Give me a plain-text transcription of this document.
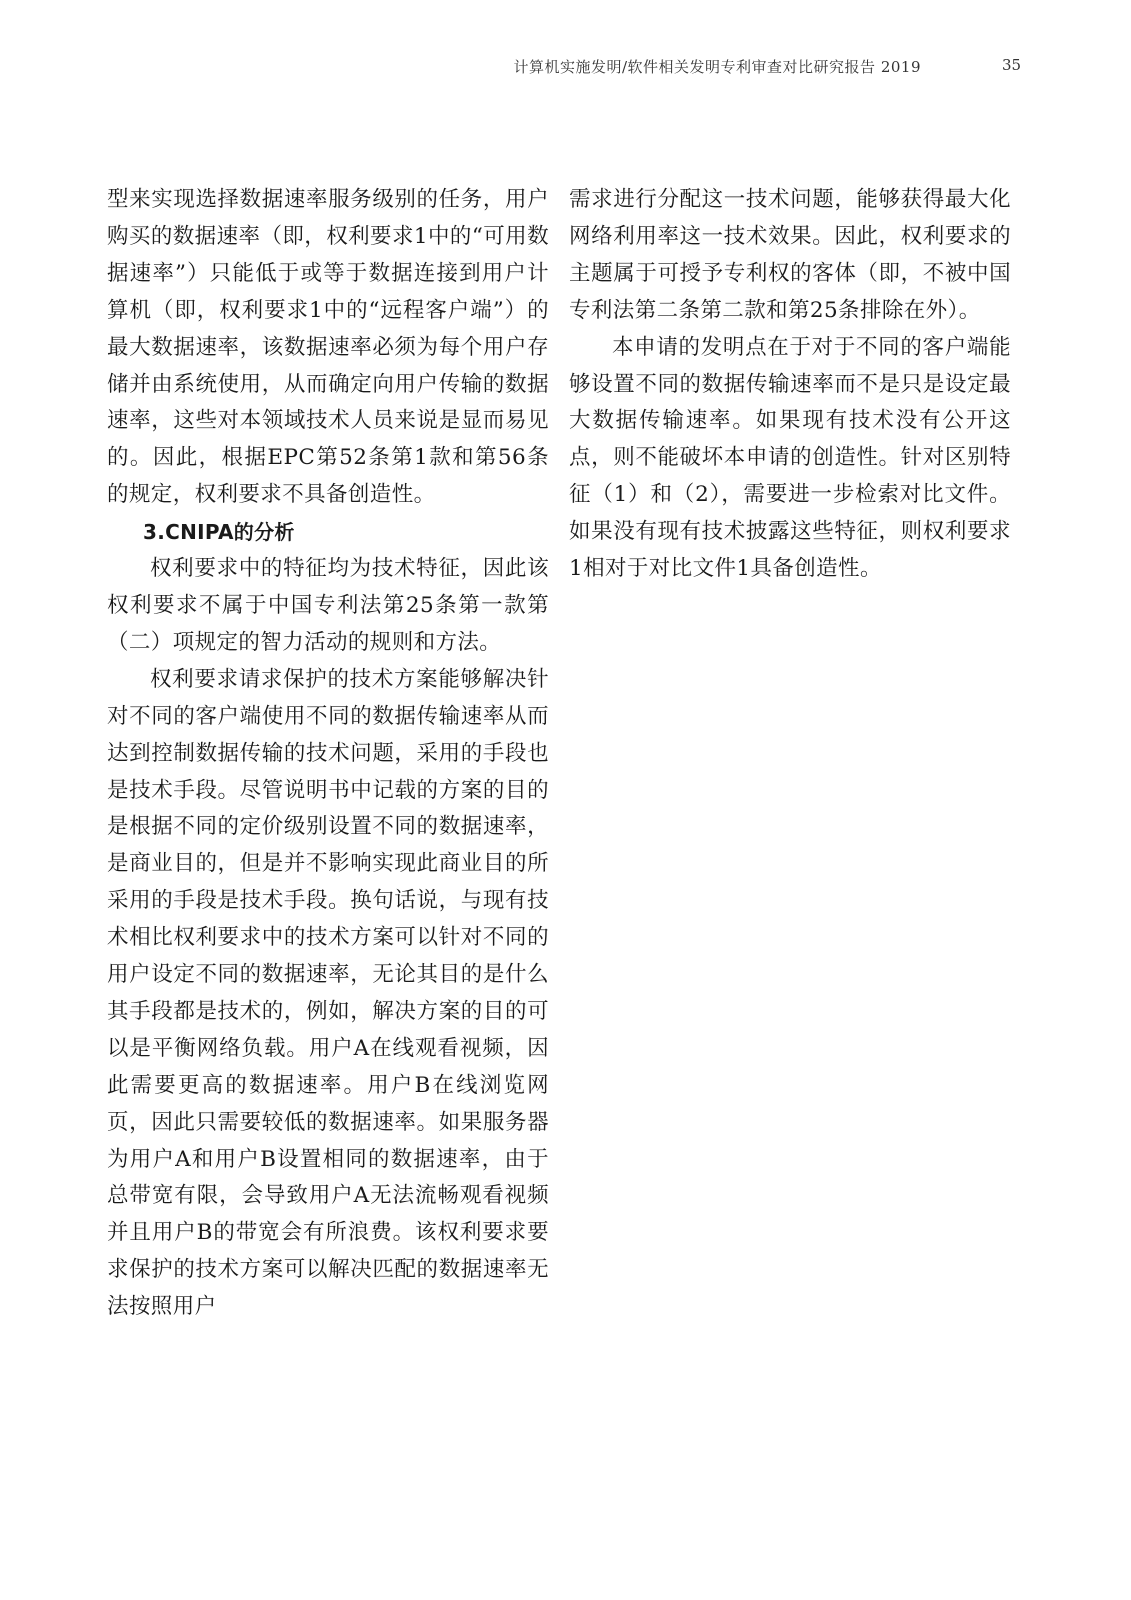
计算机实施发明/软件相关发明专利审查对比研究报告 2019	35

型来实现选择数据速率服务级别的任务，用户购买的数据速率（即，权利要求1中的“可用数据速率”）只能低于或等于数据连接到用户计算机（即，权利要求1中的“远程客户端”）的最大数据速率，该数据速率必须为每个用户存储并由系统使用，从而确定向用户传输的数据速率，这些对本领域技术人员来说是显而易见的。因此，根据EPC第52条第1款和第56条的规定，权利要求不具备创造性。

3.CNIPA的分析

权利要求中的特征均为技术特征，因此该权利要求不属于中国专利法第25条第一款第（二）项规定的智力活动的规则和方法。

权利要求请求保护的技术方案能够解决针对不同的客户端使用不同的数据传输速率从而达到控制数据传输的技术问题，采用的手段也是技术手段。尽管说明书中记载的方案的目的是根据不同的定价级别设置不同的数据速率，是商业目的，但是并不影响实现此商业目的所采用的手段是技术手段。换句话说，与现有技术相比权利要求中的技术方案可以针对不同的用户设定不同的数据速率，无论其目的是什么其手段都是技术的，例如，解决方案的目的可以是平衡网络负载。用户A在线观看视频，因此需要更高的数据速率。用户B在线浏览网页，因此只需要较低的数据速率。如果服务器为用户A和用户B设置相同的数据速率，由于总带宽有限，会导致用户A无法流畅观看视频并且用户B的带宽会有所浪费。该权利要求要求保护的技术方案可以解决匹配的数据速率无法按照用户

需求进行分配这一技术问题，能够获得最大化网络利用率这一技术效果。因此，权利要求的主题属于可授予专利权的客体（即，不被中国专利法第二条第二款和第25条排除在外）。

本申请的发明点在于对于不同的客户端能够设置不同的数据传输速率而不是只是设定最大数据传输速率。如果现有技术没有公开这点，则不能破坏本申请的创造性。针对区别特征（1）和（2），需要进一步检索对比文件。如果没有现有技术披露这些特征，则权利要求1相对于对比文件1具备创造性。
